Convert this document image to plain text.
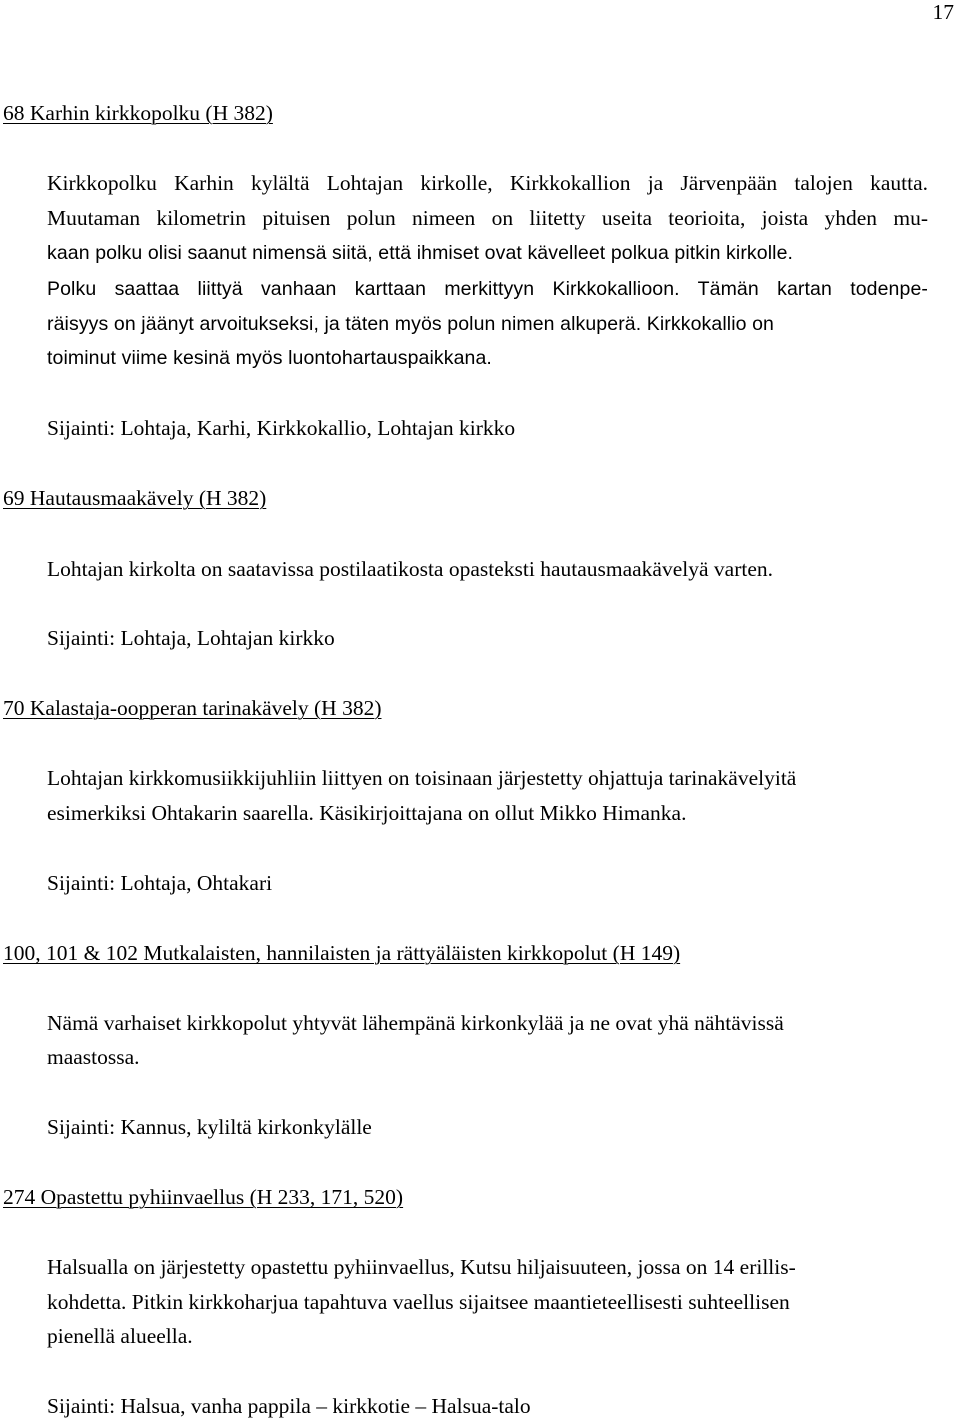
17
68 Karhin kirkkopolku (H 382)
Kirkkopolku Karhin kylältä Lohtajan kirkolle, Kirkkokallion ja Järvenpään talojen kautta.
Muutaman kilometrin pituisen polun nimeen on liitetty useita teorioita, joista yhden mu-
kaan polku olisi saanut nimensä siitä, että ihmiset ovat kävelleet polkua pitkin kirkolle.
Polku saattaa liittyä vanhaan karttaan merkittyyn Kirkkokallioon. Tämän kartan todenpe-
räisyys on jäänyt arvoitukseksi, ja täten myös polun nimen alkuperä. Kirkkokallio on
toiminut viime kesinä myös luontohartauspaikkana.
Sijainti: Lohtaja, Karhi, Kirkkokallio, Lohtajan kirkko
69 Hautausmaakävely (H 382)
Lohtajan kirkolta on saatavissa postilaatikosta opasteksti hautausmaakävelyä varten.
Sijainti: Lohtaja, Lohtajan kirkko
70 Kalastaja-oopperan tarinakävely (H 382)
Lohtajan kirkkomusiikkijuhliin liittyen on toisinaan järjestetty ohjattuja tarinakävelyitä
esimerkiksi Ohtakarin saarella. Käsikirjoittajana on ollut Mikko Himanka.
Sijainti: Lohtaja, Ohtakari
100, 101 & 102 Mutkalaisten, hannilaisten ja rättyäläisten kirkkopolut (H 149)
Nämä varhaiset kirkkopolut yhtyvät lähempänä kirkonkylää ja ne ovat yhä nähtävissä
maastossa.
Sijainti: Kannus, kyliltä kirkonkylälle
274 Opastettu pyhiinvaellus (H 233, 171, 520)
Halsualla on järjestetty opastettu pyhiinvaellus, Kutsu hiljaisuuteen, jossa on 14 erillis-
kohdetta. Pitkin kirkkoharjua tapahtuva vaellus sijaitsee maantieteellisesti suhteellisen
pienellä alueella.
Sijainti: Halsua, vanha pappila – kirkkotie – Halsua-talo
